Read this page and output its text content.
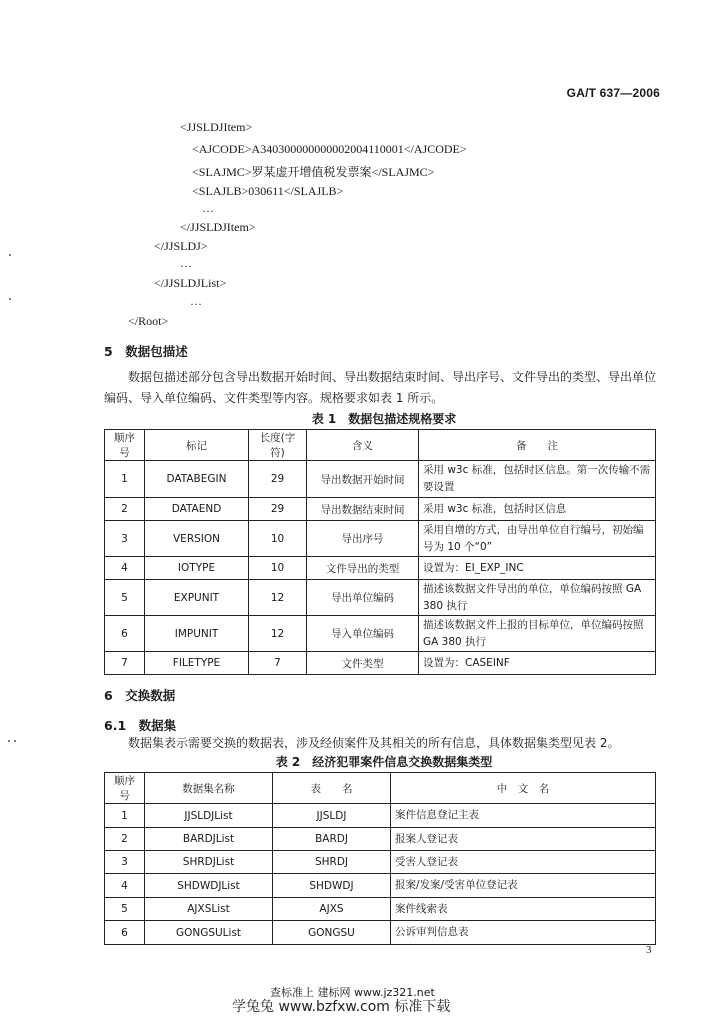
GA/T 637—2006
<JJSLDJItem>
<AJCODE>A340300000000002004110001</AJCODE>
<SLAJMC>罗某虚开增值税发票案</SLAJMC>
<SLAJLB>030611</SLAJLB>
…
</JJSLDJItem>
</JJSLDJ>
…
</JJSLDJList>
…
</Root>
5　数据包描述
数据包描述部分包含导出数据开始时间、导出数据结束时间、导出序号、文件导出的类型、导出单位编码、导入单位编码、文件类型等内容。规格要求如表 1 所示。
表 1　数据包描述规格要求
顺序号	标记	长度(字符)	含义	备　　注
1	DATABEGIN	29	导出数据开始时间	采用 w3c 标准，包括时区信息。第一次传输不需要设置
2	DATAEND	29	导出数据结束时间	采用 w3c 标准，包括时区信息
3	VERSION	10	导出序号	采用自增的方式，由导出单位自行编号，初始编号为 10 个“0”
4	IOTYPE	10	文件导出的类型	设置为：EI_EXP_INC
5	EXPUNIT	12	导出单位编码	描述该数据文件导出的单位，单位编码按照 GA 380 执行
6	IMPUNIT	12	导入单位编码	描述该数据文件上报的目标单位，单位编码按照 GA 380 执行
7	FILETYPE	7	文件类型	设置为：CASEINF
6　交换数据
6.1　数据集
数据集表示需要交换的数据表，涉及经侦案件及其相关的所有信息，具体数据集类型见表 2。
表 2　经济犯罪案件信息交换数据集类型
顺序号	数据集名称	表　　名	中　文　名
1	JJSLDJList	JJSLDJ	案件信息登记主表
2	BARDJList	BARDJ	报案人登记表
3	SHRDJList	SHRDJ	受害人登记表
4	SHDWDJList	SHDWDJ	报案/发案/受害单位登记表
5	AJXSList	AJXS	案件线索表
6	GONGSUList	GONGSU	公诉审判信息表
3
查标准上 建标网 www.jz321.net
学兔兔 www.bzfxw.com 标准下载
